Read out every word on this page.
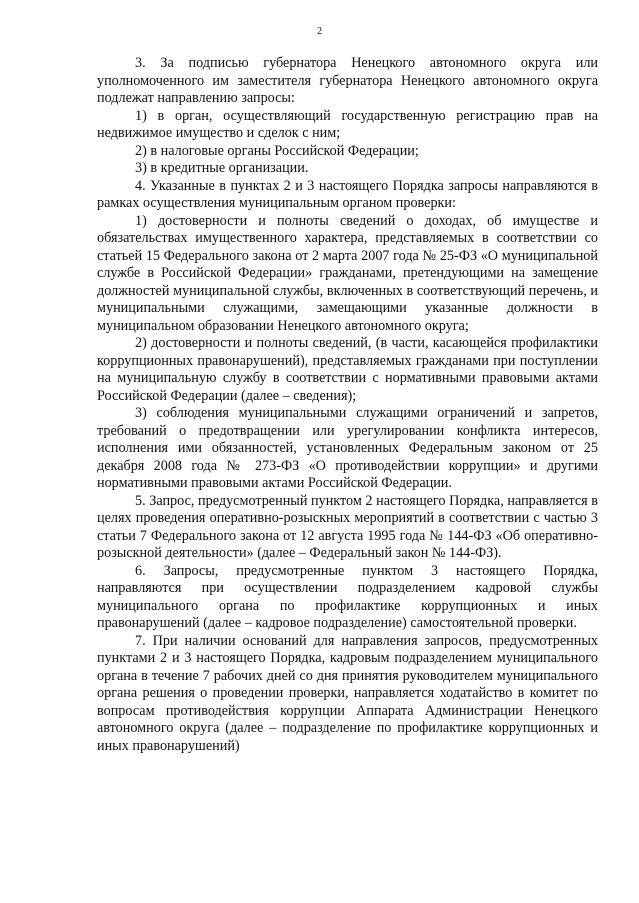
2

3. За подписью губернатора Ненецкого автономного округа или уполномоченного им заместителя губернатора Ненецкого автономного округа подлежат направлению запросы:

1) в орган, осуществляющий государственную регистрацию прав на недвижимое имущество и сделок с ним;

2) в налоговые органы Российской Федерации;

3) в кредитные организации.

4. Указанные в пунктах 2 и 3 настоящего Порядка запросы направляются в рамках осуществления муниципальным органом проверки:

1) достоверности и полноты сведений о доходах, об имуществе и обязательствах имущественного характера, представляемых в соответствии со статьей 15 Федерального закона от 2 марта 2007 года № 25-ФЗ «О муниципальной службе в Российской Федерации» гражданами, претендующими на замещение должностей муниципальной службы, включенных в соответствующий перечень, и муниципальными служащими, замещающими указанные должности в муниципальном образовании Ненецкого автономного округа;

2) достоверности и полноты сведений, (в части, касающейся профилактики коррупционных правонарушений), представляемых гражданами при поступлении на муниципальную службу в соответствии с нормативными правовыми актами Российской Федерации (далее – сведения);

3) соблюдения муниципальными служащими ограничений и запретов, требований о предотвращении или урегулировании конфликта интересов, исполнения ими обязанностей, установленных Федеральным законом от 25 декабря 2008 года № 273-ФЗ «О противодействии коррупции» и другими нормативными правовыми актами Российской Федерации.

5. Запрос, предусмотренный пунктом 2 настоящего Порядка, направляется в целях проведения оперативно-розыскных мероприятий в соответствии с частью 3 статьи 7 Федерального закона от 12 августа 1995 года № 144-ФЗ «Об оперативно-розыскной деятельности» (далее – Федеральный закон № 144-ФЗ).

6. Запросы, предусмотренные пунктом 3 настоящего Порядка, направляются при осуществлении подразделением кадровой службы муниципального органа по профилактике коррупционных и иных правонарушений (далее – кадровое подразделение) самостоятельной проверки.

7. При наличии оснований для направления запросов, предусмотренных пунктами 2 и 3 настоящего Порядка, кадровым подразделением муниципального органа в течение 7 рабочих дней со дня принятия руководителем муниципального органа решения о проведении проверки, направляется ходатайство в комитет по вопросам противодействия коррупции Аппарата Администрации Ненецкого автономного округа (далее – подразделение по профилактике коррупционных и иных правонарушений)
